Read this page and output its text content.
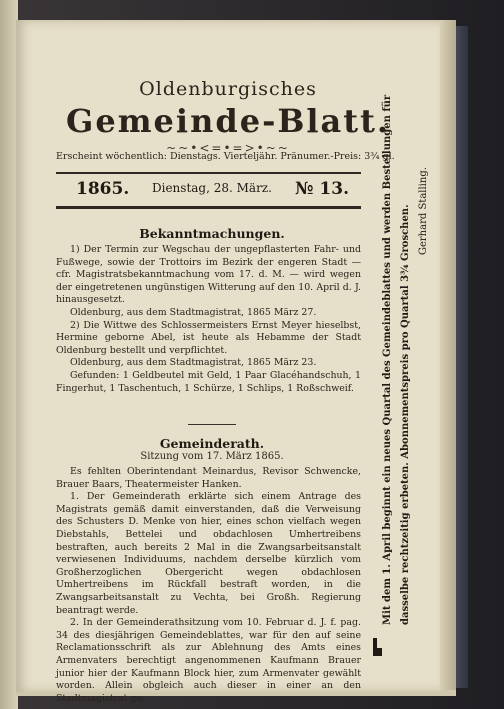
Oldenburgisches
Gemeinde-Blatt.
~~•<=•=>•~~
Erscheint wöchentlich: Dienstags. Vierteljähr. Pränumer.-Preis: 3¾ gl.
1865. Dienstag, 28. März. № 13.
Bekanntmachungen.

1) Der Termin zur Wegschau der ungepflasterten Fahr- und Fußwege, sowie der Trottoirs im Bezirk der engeren Stadt — cfr. Magistratsbekanntmachung vom 17. d. M. — wird wegen der eingetretenen ungünstigen Witterung auf den 10. April d. J. hinausgesetzt.

Oldenburg, aus dem Stadtmagistrat, 1865 März 27.

2) Die Wittwe des Schlossermeisters Ernst Meyer hieselbst, Hermine geborne Abel, ist heute als Hebamme der Stadt Oldenburg bestellt und verpflichtet.

Oldenburg, aus dem Stadtmagistrat, 1865 März 23.

Gefunden: 1 Geldbeutel mit Geld, 1 Paar Glacéhandschuh, 1 Fingerhut, 1 Taschentuch, 1 Schürze, 1 Schlips, 1 Roßschweif.

Gemeinderath.
Sitzung vom 17. März 1865.

Es fehlten Oberintendant Meinardus, Revisor Schwencke, Brauer Baars, Theatermeister Hanken.

1. Der Gemeinderath erklärte sich einem Antrage des Magistrats gemäß damit einverstanden, daß die Verweisung des Schusters D. Menke von hier, eines schon vielfach wegen Diebstahls, Bettelei und obdachlosen Umhertreibens bestraften, auch bereits 2 Mal in die Zwangsarbeitsanstalt verwiesenen Individuums, nachdem derselbe kürzlich vom Großherzoglichen Obergericht wegen obdachlosen Umhertreibens im Rückfall bestraft worden, in die Zwangsarbeitsanstalt zu Vechta, bei Großh. Regierung beantragt werde.

2. In der Gemeinderathsitzung vom 10. Februar d. J. f. pag. 34 des diesjährigen Gemeindeblattes, war für den auf seine Reclamationsschrift als zur Ablehnung des Amts eines Armenvaters berechtigt angenommenen Kaufmann Brauer junior hier der Kaufmann Block hier, zum Armenvater gewählt worden. Allein obgleich auch dieser in einer an den Stadtmagistrat ge-

Mit dem 1. April beginnt ein neues Quartal des Gemeindeblattes und werden Bestellungen für dasselbe rechtzeitig erbeten. Abonnementspreis pro Quartal 3¾ Groschen. Gerhard Stalling.
